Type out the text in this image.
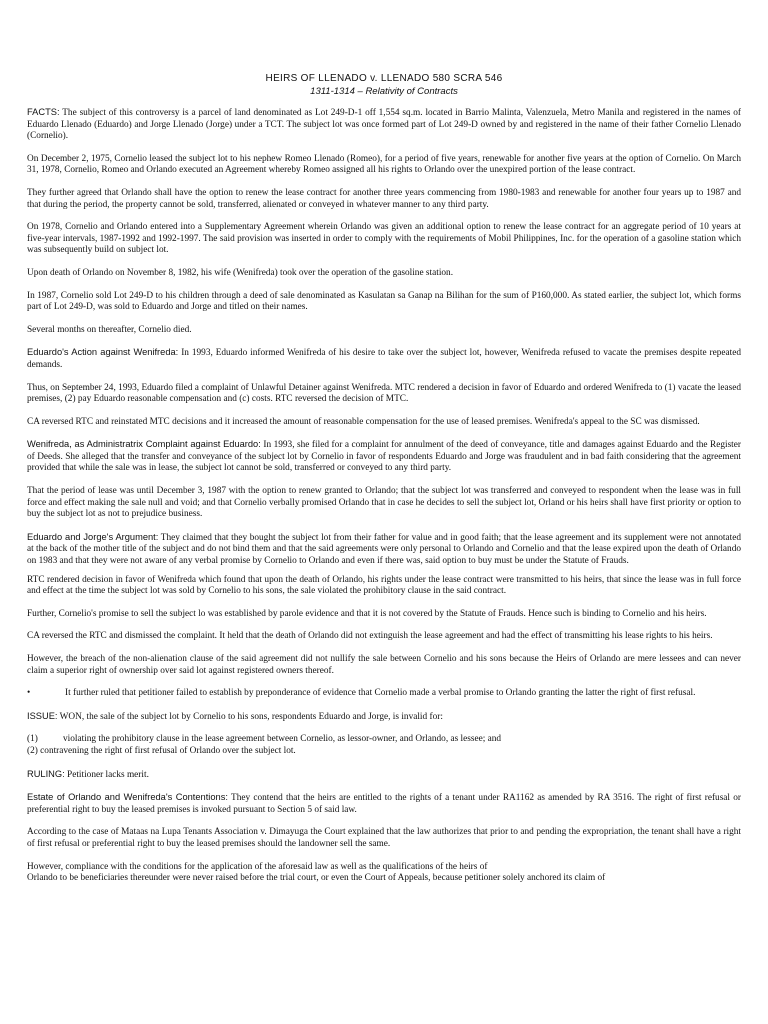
HEIRS OF LLENADO v. LLENADO 580 SCRA 546

1311-1314 – Relativity of Contracts

FACTS: The subject of this controversy is a parcel of land denominated as Lot 249-D-1 off 1,554 sq.m. located in Barrio Malinta, Valenzuela, Metro Manila and registered in the names of Eduardo Llenado (Eduardo) and Jorge Llenado (Jorge) under a TCT. The subject lot was once formed part of Lot 249-D owned by and registered in the name of their father Cornelio Llenado (Cornelio).

On December 2, 1975, Cornelio leased the subject lot to his nephew Romeo Llenado (Romeo), for a period of five years, renewable for another five years at the option of Cornelio. On March 31, 1978, Cornelio, Romeo and Orlando executed an Agreement whereby Romeo assigned all his rights to Orlando over the unexpired portion of the lease contract.

They further agreed that Orlando shall have the option to renew the lease contract for another three years commencing from 1980-1983 and renewable for another four years up to 1987 and that during the period, the property cannot be sold, transferred, alienated or conveyed in whatever manner to any third party.

On 1978, Cornelio and Orlando entered into a Supplementary Agreement wherein Orlando was given an additional option to renew the lease contract for an aggregate period of 10 years at five-year intervals, 1987-1992 and 1992-1997. The said provision was inserted in order to comply with the requirements of Mobil Philippines, Inc. for the operation of a gasoline station which was subsequently build on subject lot.

Upon death of Orlando on November 8, 1982, his wife (Wenifreda) took over the operation of the gasoline station.

In 1987, Cornelio sold Lot 249-D to his children through a deed of sale denominated as Kasulatan sa Ganap na Bilihan for the sum of P160,000. As stated earlier, the subject lot, which forms part of Lot 249-D, was sold to Eduardo and Jorge and titled on their names.

Several months on thereafter, Cornelio died.

Eduardo's Action against Wenifreda: In 1993, Eduardo informed Wenifreda of his desire to take over the subject lot, however, Wenifreda refused to vacate the premises despite repeated demands.

Thus, on September 24, 1993, Eduardo filed a complaint of Unlawful Detainer against Wenifreda. MTC rendered a decision in favor of Eduardo and ordered Wenifreda to (1) vacate the leased premises, (2) pay Eduardo reasonable compensation and (c) costs. RTC reversed the decision of MTC.

CA reversed RTC and reinstated MTC decisions and it increased the amount of reasonable compensation for the use of leased premises. Wenifreda's appeal to the SC was dismissed.

Wenifreda, as Administratrix Complaint against Eduardo: In 1993, she filed for a complaint for annulment of the deed of conveyance, title and damages against Eduardo and the Register of Deeds. She alleged that the transfer and conveyance of the subject lot by Cornelio in favor of respondents Eduardo and Jorge was fraudulent and in bad faith considering that the agreement provided that while the sale was in lease, the subject lot cannot be sold, transferred or conveyed to any third party.

That the period of lease was until December 3, 1987 with the option to renew granted to Orlando; that the subject lot was transferred and conveyed to respondent when the lease was in full force and effect making the sale null and void; and that Cornelio verbally promised Orlando that in case he decides to sell the subject lot, Orland or his heirs shall have first priority or option to buy the subject lot as not to prejudice business.

Eduardo and Jorge's Argument: They claimed that they bought the subject lot from their father for value and in good faith; that the lease agreement and its supplement were not annotated at the back of the mother title of the subject and do not bind them and that the said agreements were only personal to Orlando and Cornelio and that the lease expired upon the death of Orlando on 1983 and that they were not aware of any verbal promise by Cornelio to Orlando and even if there was, said option to buy must be under the Statute of Frauds.

RTC rendered decision in favor of Wenifreda which found that upon the death of Orlando, his rights under the lease contract were transmitted to his heirs, that since the lease was in full force and effect at the time the subject lot was sold by Cornelio to his sons, the sale violated the prohibitory clause in the said contract.

Further, Cornelio's promise to sell the subject lo was established by parole evidence and that it is not covered by the Statute of Frauds. Hence such is binding to Cornelio and his heirs.

CA reversed the RTC and dismissed the complaint. It held that the death of Orlando did not extinguish the lease agreement and had the effect of transmitting his lease rights to his heirs.

However, the breach of the non-alienation clause of the said agreement did not nullify the sale between Cornelio and his sons because the Heirs of Orlando are mere lessees and can never claim a superior right of ownership over said lot against registered owners thereof.

•	It further ruled that petitioner failed to establish by preponderance of evidence that Cornelio made a verbal promise to Orlando granting the latter the right of first refusal.

ISSUE: WON, the sale of the subject lot by Cornelio to his sons, respondents Eduardo and Jorge, is invalid for:

(1)	violating the prohibitory clause in the lease agreement between Cornelio, as lessor-owner, and Orlando, as lessee; and

(2) contravening the right of first refusal of Orlando over the subject lot.

RULING: Petitioner lacks merit.

Estate of Orlando and Wenifreda's Contentions: They contend that the heirs are entitled to the rights of a tenant under RA1162 as amended by RA 3516. The right of first refusal or preferential right to buy the leased premises is invoked pursuant to Section 5 of said law.

According to the case of Mataas na Lupa Tenants Association v. Dimayuga the Court explained that the law authorizes that prior to and pending the expropriation, the tenant shall have a right of first refusal or preferential right to buy the leased premises should the landowner sell the same.

However, compliance with the conditions for the application of the aforesaid law as well as the qualifications of the heirs of

Orlando to be beneficiaries thereunder were never raised before the trial court, or even the Court of Appeals, because petitioner solely anchored its claim of
